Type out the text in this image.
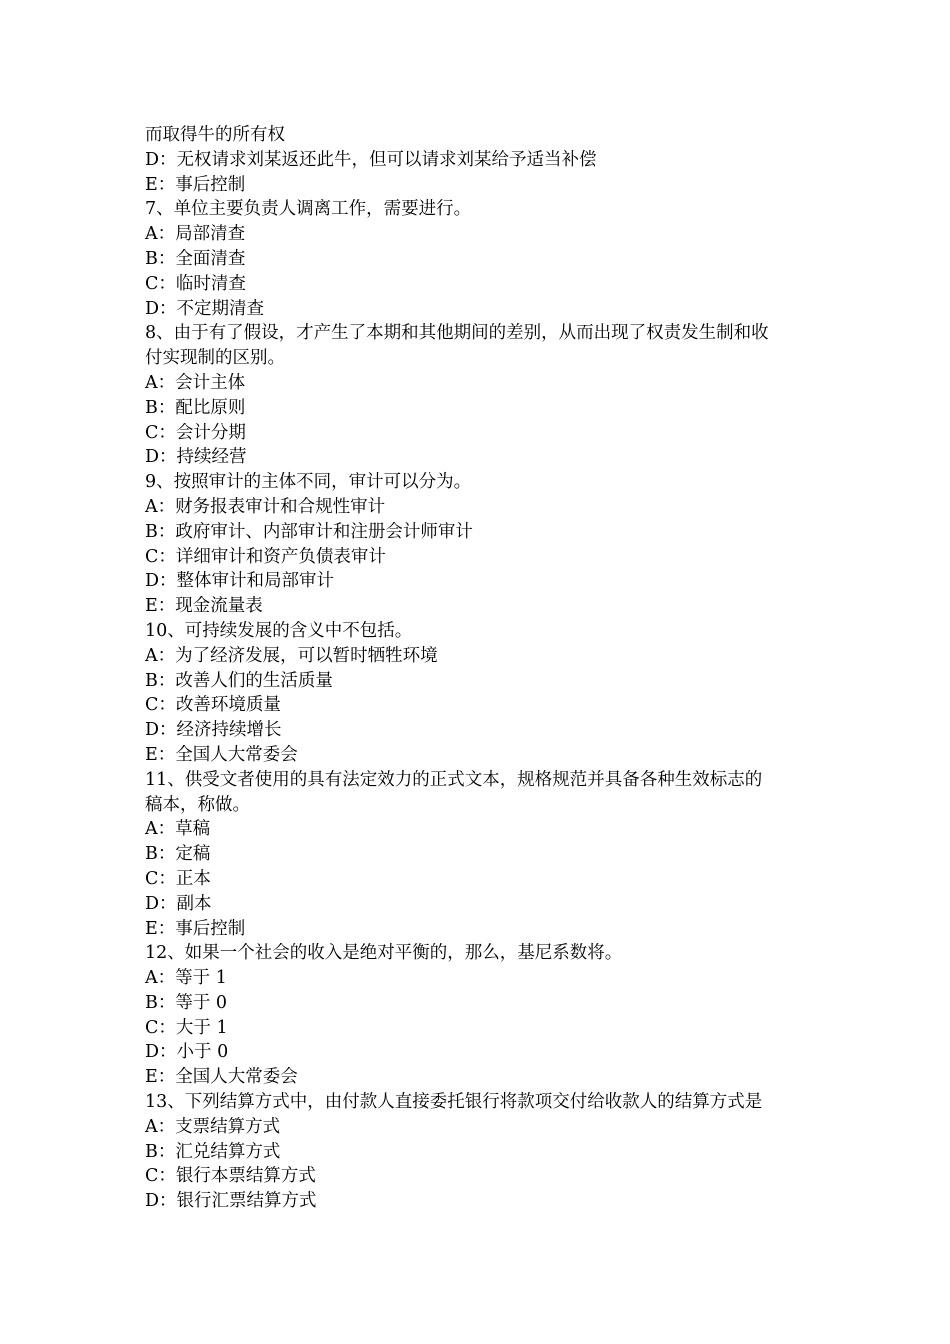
而取得牛的所有权
D：无权请求刘某返还此牛，但可以请求刘某给予适当补偿
E：事后控制
7、单位主要负责人调离工作，需要进行。
A：局部清查
B：全面清查
C：临时清查
D：不定期清查
8、由于有了假设，才产生了本期和其他期间的差别，从而出现了权责发生制和收
付实现制的区别。
A：会计主体
B：配比原则
C：会计分期
D：持续经营
9、按照审计的主体不同，审计可以分为。
A：财务报表审计和合规性审计
B：政府审计、内部审计和注册会计师审计
C：详细审计和资产负债表审计
D：整体审计和局部审计
E：现金流量表
10、可持续发展的含义中不包括。
A：为了经济发展，可以暂时牺牲环境
B：改善人们的生活质量
C：改善环境质量
D：经济持续增长
E：全国人大常委会
11、供受文者使用的具有法定效力的正式文本，规格规范并具备各种生效标志的
稿本，称做。
A：草稿
B：定稿
C：正本
D：副本
E：事后控制
12、如果一个社会的收入是绝对平衡的，那么，基尼系数将。
A：等于 1
B：等于 0
C：大于 1
D：小于 0
E：全国人大常委会
13、下列结算方式中，由付款人直接委托银行将款项交付给收款人的结算方式是
A：支票结算方式
B：汇兑结算方式
C：银行本票结算方式
D：银行汇票结算方式
